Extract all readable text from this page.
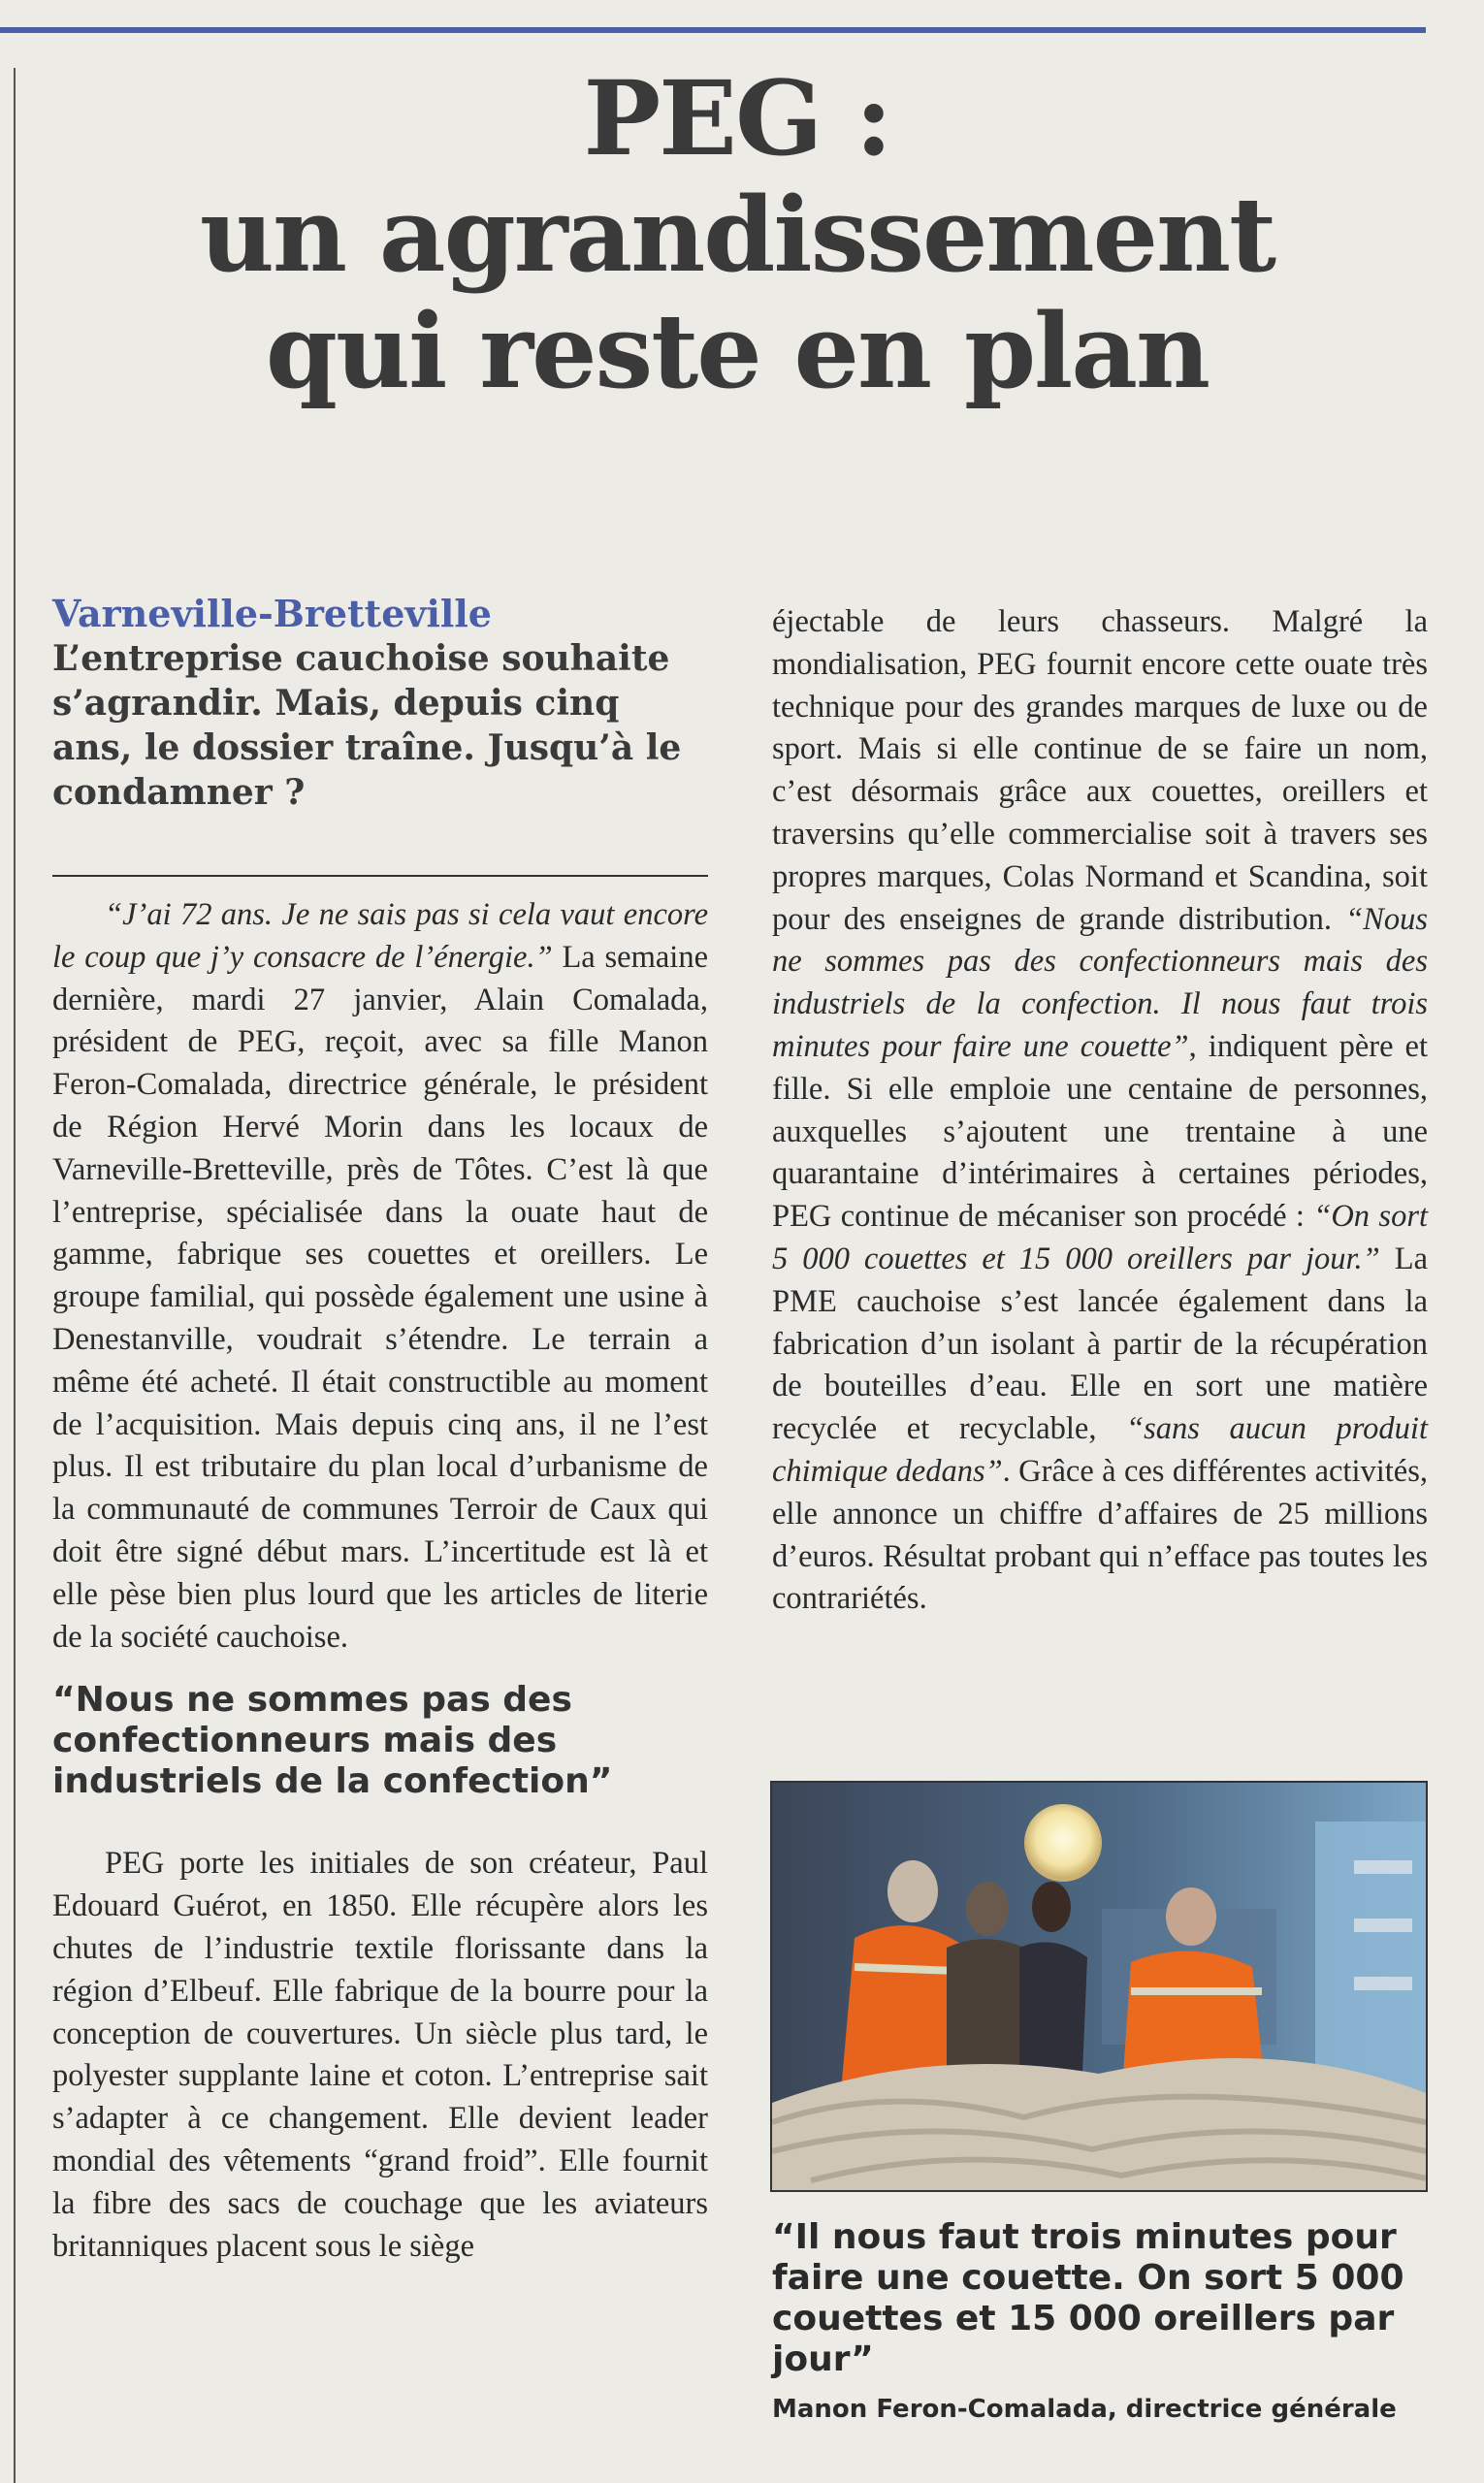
PEG :
un agrandissement
qui reste en plan

Varneville-Bretteville

L’entreprise cauchoise souhaite s’agrandir. Mais, depuis cinq ans, le dossier traîne. Jusqu’à le condamner ?

“J’ai 72 ans. Je ne sais pas si cela vaut encore le coup que j’y consacre de l’énergie.” La semaine dernière, mardi 27 janvier, Alain Comalada, président de PEG, reçoit, avec sa fille Manon Feron-Comalada, directrice générale, le président de Région Hervé Morin dans les locaux de Varneville-Bretteville, près de Tôtes. C’est là que l’entreprise, spécialisée dans la ouate haut de gamme, fabrique ses couettes et oreillers. Le groupe familial, qui possède également une usine à Denestanville, voudrait s’étendre. Le terrain a même été acheté. Il était constructible au moment de l’acquisition. Mais depuis cinq ans, il ne l’est plus. Il est tributaire du plan local d’urbanisme de la communauté de communes Terroir de Caux qui doit être signé début mars. L’incertitude est là et elle pèse bien plus lourd que les articles de literie de la société cauchoise.

“Nous ne sommes pas des confectionneurs mais des industriels de la confection”

PEG porte les initiales de son créateur, Paul Edouard Guérot, en 1850. Elle récupère alors les chutes de l’industrie textile florissante dans la région d’Elbeuf. Elle fabrique de la bourre pour la conception de couvertures. Un siècle plus tard, le polyester supplante laine et coton. L’entreprise sait s’adapter à ce changement. Elle devient leader mondial des vêtements “grand froid”. Elle fournit la fibre des sacs de couchage que les aviateurs britanniques placent sous le siège

éjectable de leurs chasseurs. Malgré la mondialisation, PEG fournit encore cette ouate très technique pour des grandes marques de luxe ou de sport. Mais si elle continue de se faire un nom, c’est désormais grâce aux couettes, oreillers et traversins qu’elle commercialise soit à travers ses propres marques, Colas Normand et Scandina, soit pour des enseignes de grande distribution. “Nous ne sommes pas des confectionneurs mais des industriels de la confection. Il nous faut trois minutes pour faire une couette”, indiquent père et fille. Si elle emploie une centaine de personnes, auxquelles s’ajoutent une trentaine à une quarantaine d’intérimaires à certaines périodes, PEG continue de mécaniser son procédé : “On sort 5 000 couettes et 15 000 oreillers par jour.” La PME cauchoise s’est lancée également dans la fabrication d’un isolant à partir de la récupération de bouteilles d’eau. Elle en sort une matière recyclée et recyclable, “sans aucun produit chimique dedans”. Grâce à ces différentes activités, elle annonce un chiffre d’affaires de 25 millions d’euros. Résultat probant qui n’efface pas toutes les contrariétés.

“Il nous faut trois minutes pour faire une couette. On sort 5 000 couettes et 15 000 oreillers par jour”

Manon Feron-Comalada, directrice générale
